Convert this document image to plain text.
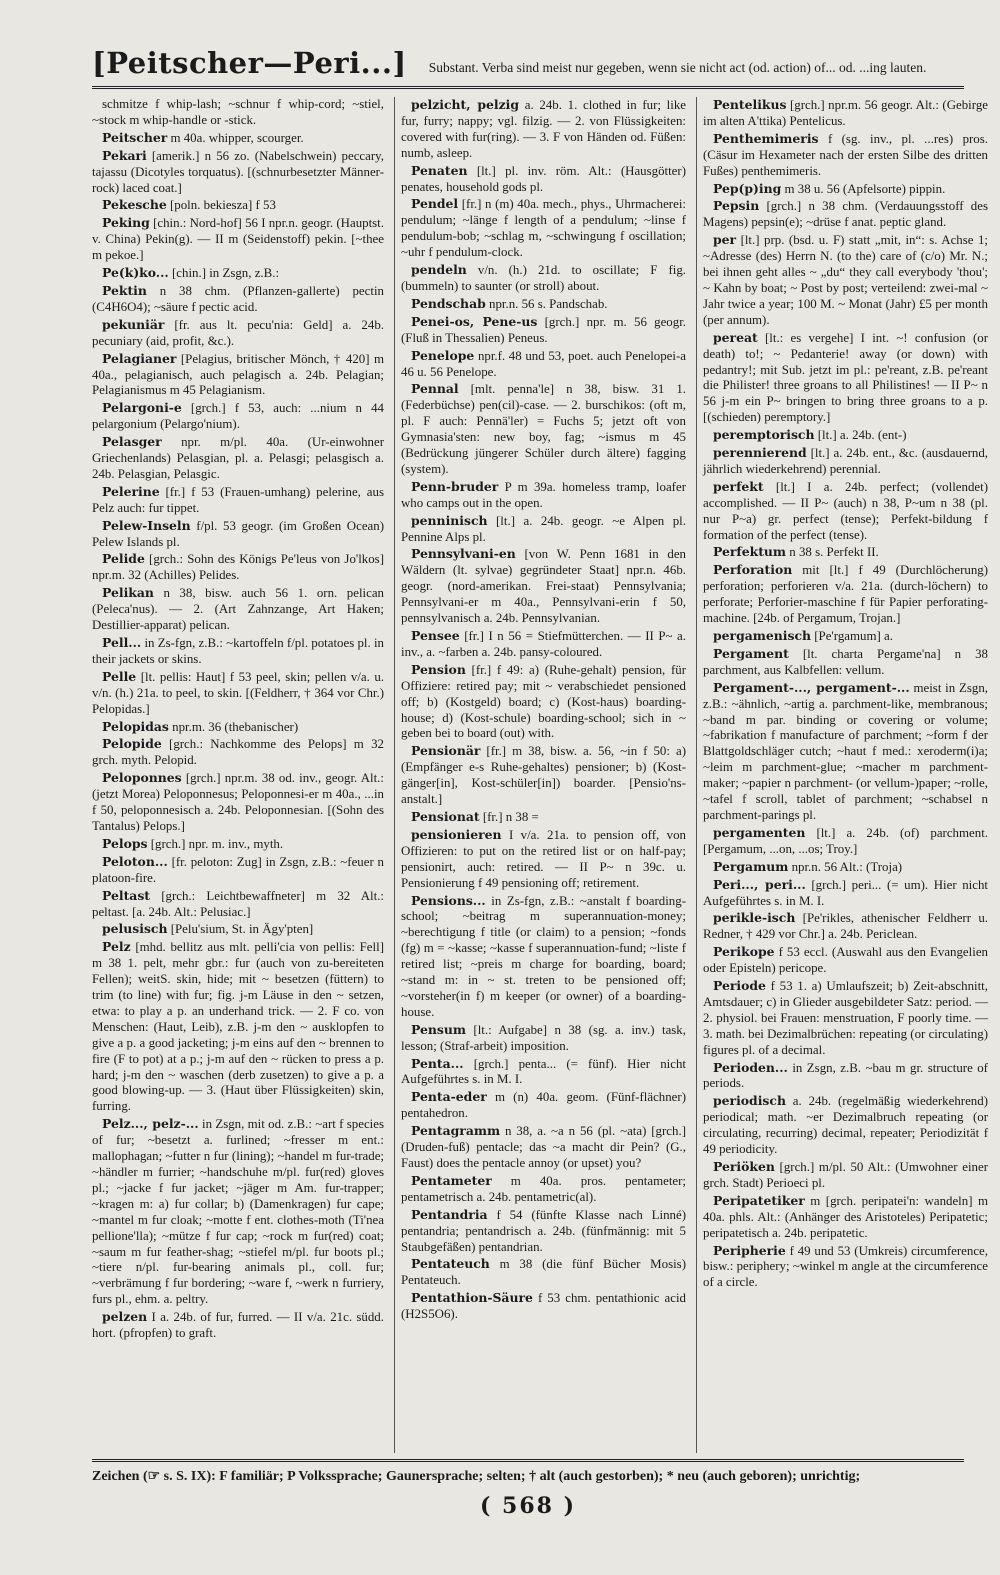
[Peitscher—Peri...] Substant. Verba sind meist nur gegeben, wenn sie nicht act (od. action) of... od. ...ing lauten.

schmitze f whip-lash; ~schnur f whip-cord; ~stiel, ~stock m whip-handle or -stick.

Peitscher m 40a. whipper, scourger.

Pekari [amerik.] n 56 zo. (Nabelschwein) peccary, tajassu (Dicotyles torquatus). [(schnurbesetzter Männer-rock) laced coat.]

Pekesche [poln. bekiesza] f 53

Peking [chin.: Nord-hof] 56 I npr.n. geogr. (Hauptst. v. China) Pekin(g). — II m (Seidenstoff) pekin. [~thee m pekoe.]

Pe(k)ko... [chin.] in Zsgn, z.B.:

Pektin n 38 chm. (Pflanzen-gallerte) pectin (C4H6O4); ~säure f pectic acid.

pekuniär [fr. aus lt. pecu'nia: Geld] a. 24b. pecuniary (aid, profit, &c.).

Pelagianer [Pelagius, britischer Mönch, † 420] m 40a., pelagianisch, auch pelagisch a. 24b. Pelagian; Pelagianismus m 45 Pelagianism.

Pelargoni-e [grch.] f 53, auch: ...nium n 44 pelargonium (Pelargo'nium).

Pelasger npr. m/pl. 40a. (Ur-einwohner Griechenlands) Pelasgian, pl. a. Pelasgi; pelasgisch a. 24b. Pelasgian, Pelasgic.

Pelerine [fr.] f 53 (Frauen-umhang) pelerine, aus Pelz auch: fur tippet.

Pelew-Inseln f/pl. 53 geogr. (im Großen Ocean) Pelew Islands pl.

Pelide [grch.: Sohn des Königs Pe'leus von Jo'lkos] npr.m. 32 (Achilles) Pelides.

Pelikan n 38, bisw. auch 56 1. orn. pelican (Peleca'nus). — 2. (Art Zahnzange, Art Haken; Destillier-apparat) pelican.

Pell... in Zs-fgn, z.B.: ~kartoffeln f/pl. potatoes pl. in their jackets or skins.

Pelle [lt. pellis: Haut] f 53 peel, skin; pellen v/a. u. v/n. (h.) 21a. to peel, to skin. [(Feldherr, † 364 vor Chr.) Pelopidas.]

Pelopidas npr.m. 36 (thebanischer)

Pelopide [grch.: Nachkomme des Pelops] m 32 grch. myth. Pelopid.

Peloponnes [grch.] npr.m. 38 od. inv., geogr. Alt.: (jetzt Morea) Peloponnesus; Peloponnesi-er m 40a., ...in f 50, peloponnesisch a. 24b. Peloponnesian. [(Sohn des Tantalus) Pelops.]

Pelops [grch.] npr. m. inv., myth.

Peloton... [fr. peloton: Zug] in Zsgn, z.B.: ~feuer n platoon-fire.

Peltast [grch.: Leichtbewaffneter] m 32 Alt.: peltast. [a. 24b. Alt.: Pelusiac.]

pelusisch [Pelu'sium, St. in Ägy'pten]

Pelz [mhd. bellitz aus mlt. pelli'cia von pellis: Fell] m 38 1. pelt, mehr gbr.: fur (auch von zu-bereiteten Fellen); weitS. skin, hide; mit ~ besetzen (füttern) to trim (to line) with fur; fig. j-m Läuse in den ~ setzen, etwa: to play a p. an underhand trick. — 2. F co. von Menschen: (Haut, Leib), z.B. j-m den ~ ausklopfen to give a p. a good jacketing; j-m eins auf den ~ brennen to fire (F to pot) at a p.; j-m auf den ~ rücken to press a p. hard; j-m den ~ waschen (derb zusetzen) to give a p. a good blowing-up. — 3. (Haut über Flüssigkeiten) skin, furring.

Pelz..., pelz-... in Zsgn, mit od. z.B.: ~art f species of fur; ~besetzt a. furlined; ~fresser m ent.: mallophagan; ~futter n fur (lining); ~handel m fur-trade; ~händler m furrier; ~handschuhe m/pl. fur(red) gloves pl.; ~jacke f fur jacket; ~jäger m Am. fur-trapper; ~kragen m: a) fur collar; b) (Damenkragen) fur cape; ~mantel m fur cloak; ~motte f ent. clothes-moth (Ti'nea pellione'lla); ~mütze f fur cap; ~rock m fur(red) coat; ~saum m fur feather-shag; ~stiefel m/pl. fur boots pl.; ~tiere n/pl. fur-bearing animals pl., coll. fur; ~verbrämung f fur bordering; ~ware f, ~werk n furriery, furs pl., ehm. a. peltry.

pelzen I a. 24b. of fur, furred. — II v/a. 21c. südd. hort. (pfropfen) to graft.

pelzicht, pelzig a. 24b. 1. clothed in fur; like fur, furry; nappy; vgl. filzig. — 2. von Flüssigkeiten: covered with fur(ring). — 3. F von Händen od. Füßen: numb, asleep.

Penaten [lt.] pl. inv. röm. Alt.: (Hausgötter) penates, household gods pl.

Pendel [fr.] n (m) 40a. mech., phys., Uhrmacherei: pendulum; ~länge f length of a pendulum; ~linse f pendulum-bob; ~schlag m, ~schwingung f oscillation; ~uhr f pendulum-clock.

pendeln v/n. (h.) 21d. to oscillate; F fig. (bummeln) to saunter (or stroll) about.

Pendschab npr.n. 56 s. Pandschab.

Penei-os, Pene-us [grch.] npr. m. 56 geogr. (Fluß in Thessalien) Peneus.

Penelope npr.f. 48 und 53, poet. auch Penelopei-a 46 u. 56 Penelope.

Pennal [mlt. penna'le] n 38, bisw. 31 1. (Federbüchse) pen(cil)-case. — 2. burschikos: (oft m, pl. F auch: Pennä'ler) = Fuchs 5; jetzt oft von Gymnasia'sten: new boy, fag; ~ismus m 45 (Bedrückung jüngerer Schüler durch ältere) fagging (system).

Penn-bruder P m 39a. homeless tramp, loafer who camps out in the open.

penninisch [lt.] a. 24b. geogr. ~e Alpen pl. Pennine Alps pl.

Pennsylvani-en [von W. Penn 1681 in den Wäldern (lt. sylvae) gegründeter Staat] npr.n. 46b. geogr. (nord-amerikan. Frei-staat) Pennsylvania; Pennsylvani-er m 40a., Pennsylvani-erin f 50, pennsylvanisch a. 24b. Pennsylvanian.

Pensee [fr.] I n 56 = Stiefmütterchen. — II P~ a. inv., a. ~farben a. 24b. pansy-coloured.

Pension [fr.] f 49: a) (Ruhe-gehalt) pension, für Offiziere: retired pay; mit ~ verabschiedet pensioned off; b) (Kostgeld) board; c) (Kost-haus) boarding-house; d) (Kost-schule) boarding-school; sich in ~ geben bei to board (out) with.

Pensionär [fr.] m 38, bisw. a. 56, ~in f 50: a) (Empfänger e-s Ruhe-gehaltes) pensioner; b) (Kost-gänger[in], Kost-schüler[in]) boarder. [Pensio'ns-anstalt.]

Pensionat [fr.] n 38 =

pensionieren I v/a. 21a. to pension off, von Offizieren: to put on the retired list or on half-pay; pensionirt, auch: retired. — II P~ n 39c. u. Pensionierung f 49 pensioning off; retirement.

Pensions... in Zs-fgn, z.B.: ~anstalt f boarding-school; ~beitrag m superannuation-money; ~berechtigung f title (or claim) to a pension; ~fonds (fg) m = ~kasse; ~kasse f superannuation-fund; ~liste f retired list; ~preis m charge for boarding, board; ~stand m: in ~ st. treten to be pensioned off; ~vorsteher(in f) m keeper (or owner) of a boarding-house.

Pensum [lt.: Aufgabe] n 38 (sg. a. inv.) task, lesson; (Straf-arbeit) imposition.

Penta... [grch.] penta... (= fünf). Hier nicht Aufgeführtes s. in M. I.

Penta-eder m (n) 40a. geom. (Fünf-flächner) pentahedron.

Pentagramm n 38, a. ~a n 56 (pl. ~ata) [grch.] (Druden-fuß) pentacle; das ~a macht dir Pein? (G., Faust) does the pentacle annoy (or upset) you?

Pentameter m 40a. pros. pentameter; pentametrisch a. 24b. pentametric(al).

Pentandria f 54 (fünfte Klasse nach Linné) pentandria; pentandrisch a. 24b. (fünfmännig: mit 5 Staubgefäßen) pentandrian.

Pentateuch m 38 (die fünf Bücher Mosis) Pentateuch.

Pentathion-Säure f 53 chm. pentathionic acid (H2S5O6).

Pentelikus [grch.] npr.m. 56 geogr. Alt.: (Gebirge im alten A'ttika) Pentelicus.

Penthemimeris f (sg. inv., pl. ...res) pros. (Cäsur im Hexameter nach der ersten Silbe des dritten Fußes) penthemimeris.

Pep(p)ing m 38 u. 56 (Apfelsorte) pippin.

Pepsin [grch.] n 38 chm. (Verdauungsstoff des Magens) pepsin(e); ~drüse f anat. peptic gland.

per [lt.] prp. (bsd. u. F) statt „mit, in“: s. Achse 1; ~Adresse (des) Herrn N. (to the) care of (c/o) Mr. N.; bei ihnen geht alles ~ „du“ they call everybody 'thou'; ~ Kahn by boat; ~ Post by post; verteilend: zwei-mal ~ Jahr twice a year; 100 M. ~ Monat (Jahr) £5 per month (per annum).

pereat [lt.: es vergehe] I int. ~! confusion (or death) to!; ~ Pedanterie! away (or down) with pedantry!; mit Sub. jetzt im pl.: pe'reant, z.B. pe'reant die Philister! three groans to all Philistines! — II P~ n 56 j-m ein P~ bringen to bring three groans to a p. [(schieden) peremptory.]

peremptorisch [lt.] a. 24b. (ent-)

perennierend [lt.] a. 24b. ent., &c. (ausdauernd, jährlich wiederkehrend) perennial.

perfekt [lt.] I a. 24b. perfect; (vollendet) accomplished. — II P~ (auch) n 38, P~um n 38 (pl. nur P~a) gr. perfect (tense); Perfekt-bildung f formation of the perfect (tense).

Perfektum n 38 s. Perfekt II.

Perforation mit [lt.] f 49 (Durchlöcherung) perforation; perforieren v/a. 21a. (durch-löchern) to perforate; Perforier-maschine f für Papier perforating-machine. [24b. of Pergamum, Trojan.]

pergamenisch [Pe'rgamum] a.

Pergament [lt. charta Pergame'na] n 38 parchment, aus Kalbfellen: vellum.

Pergament-..., pergament-... meist in Zsgn, z.B.: ~ähnlich, ~artig a. parchment-like, membranous; ~band m par. binding or covering or volume; ~fabrikation f manufacture of parchment; ~form f der Blattgoldschläger cutch; ~haut f med.: xeroderm(i)a; ~leim m parchment-glue; ~macher m parchment-maker; ~papier n parchment- (or vellum-)paper; ~rolle, ~tafel f scroll, tablet of parchment; ~schabsel n parchment-parings pl.

pergamenten [lt.] a. 24b. (of) parchment. [Pergamum, ...on, ...os; Troy.]

Pergamum npr.n. 56 Alt.: (Troja)

Peri..., peri... [grch.] peri... (= um). Hier nicht Aufgeführtes s. in M. I.

perikle-isch [Pe'rikles, athenischer Feldherr u. Redner, † 429 vor Chr.] a. 24b. Periclean.

Perikope f 53 eccl. (Auswahl aus den Evangelien oder Episteln) pericope.

Periode f 53 1. a) Umlaufszeit; b) Zeit-abschnitt, Amtsdauer; c) in Glieder ausgebildeter Satz: period. — 2. physiol. bei Frauen: menstruation, F poorly time. — 3. math. bei Dezimalbrüchen: repeating (or circulating) figures pl. of a decimal.

Perioden... in Zsgn, z.B. ~bau m gr. structure of periods.

periodisch a. 24b. (regelmäßig wiederkehrend) periodical; math. ~er Dezimalbruch repeating (or circulating, recurring) decimal, repeater; Periodizität f 49 periodicity.

Periöken [grch.] m/pl. 50 Alt.: (Umwohner einer grch. Stadt) Perioeci pl.

Peripatetiker m [grch. peripatei'n: wandeln] m 40a. phls. Alt.: (Anhänger des Aristoteles) Peripatetic; peripatetisch a. 24b. peripatetic.

Peripherie f 49 und 53 (Umkreis) circumference, bisw.: periphery; ~winkel m angle at the circumference of a circle.

Zeichen (☞ s. S. IX): F familiär; P Volkssprache; Gaunersprache; selten; † alt (auch gestorben); * neu (auch geboren); unrichtig;
( 568 )
